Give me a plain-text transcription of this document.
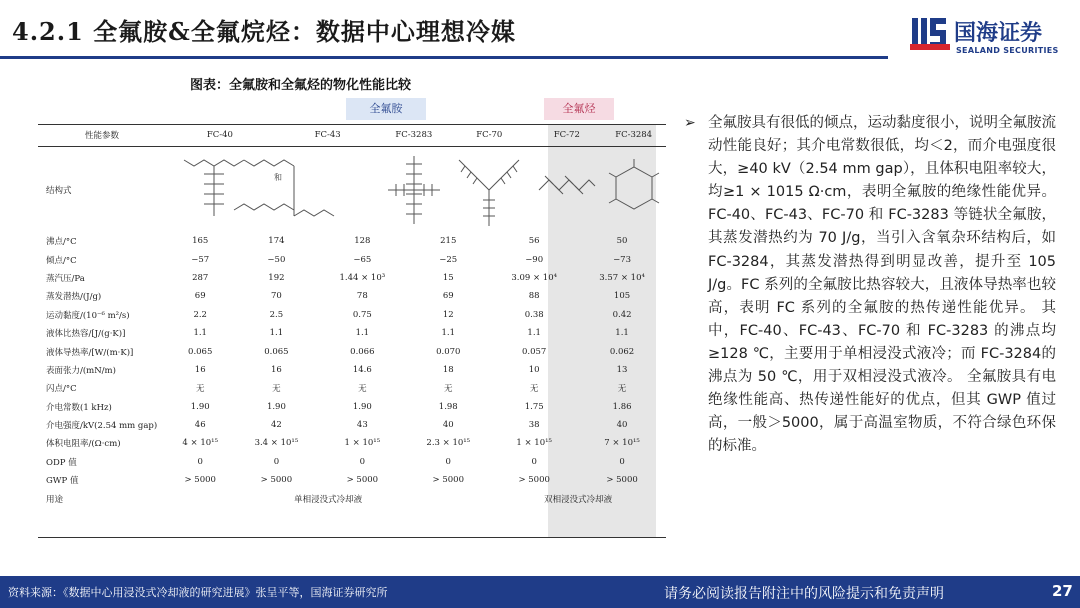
4.2.1 全氟胺&全氟烷烃：数据中心理想冷媒	国海证券
SEALAND SECURITIES
图表：全氟胺和全氟烃的物化性能比较
全氟胺	全氟烃
性能参数	FC-40	FC-43	FC-3283	FC-70	FC-72	FC-3284
结构式	和

沸点/°C	165	174	128	215	56	50
倾点/°C	−57	−50	−65	−25	−90	−73
蒸汽压/Pa	287	192	1.44 × 10³	15	3.09 × 10⁴	3.57 × 10⁴
蒸发潜热/(J/g)	69	70	78	69	88	105
运动黏度/(10⁻⁶ m²/s)	2.2	2.5	0.75	12	0.38	0.42
液体比热容/[J/(g·K)]	1.1	1.1	1.1	1.1	1.1	1.1
液体导热率/[W/(m·K)]	0.065	0.065	0.066	0.070	0.057	0.062
表面张力/(mN/m)	16	16	14.6	18	10	13
闪点/°C	无	无	无	无	无	无
介电常数(1 kHz)	1.90	1.90	1.90	1.98	1.75	1.86
介电强度/kV(2.54 mm gap)	46	42	43	40	38	40
体积电阻率/(Ω·cm)	4 × 10¹⁵	3.4 × 10¹⁵	1 × 10¹⁵	2.3 × 10¹⁵	1 × 10¹⁵	7 × 10¹⁵
ODP 值	0	0	0	0	0	0
GWP 值	> 5000	> 5000	> 5000	> 5000	> 5000	> 5000
用途	单相浸没式冷却液				双相浸没式冷却液	
➢ 全氟胺具有很低的倾点，运动黏度很小，说明全氟胺流动性能良好；其介电常数很低，均＜2，而介电强度很大，≥40 kV（2.54 mm gap），且体积电阻率较大，均≥1 × 1015 Ω·cm，表明全氟胺的绝缘性能优异。FC-40、FC-43、FC-70 和 FC-3283 等链状全氟胺，其蒸发潜热约为 70 J/g，当引入含氧杂环结构后，如FC-3284，其蒸发潜热得到明显改善，提升至 105 J/g。FC 系列的全氟胺比热容较大，且液体导热率也较高，表明 FC 系列的全氟胺的热传递性能优异。 其中，FC-40、FC-43、FC-70 和 FC-3283 的沸点均≥128 ℃，主要用于单相浸没式液冷；而 FC-3284的沸点为 50 ℃，用于双相浸没式液冷。 全氟胺具有电绝缘性能高、热传递性能好的优点，但其 GWP 值过高，一般＞5000，属于高温室物质，不符合绿色环保的标准。
资料来源：《数据中心用浸没式冷却液的研究进展》张呈平等，国海证券研究所	请务必阅读报告附注中的风险提示和免责声明	27
